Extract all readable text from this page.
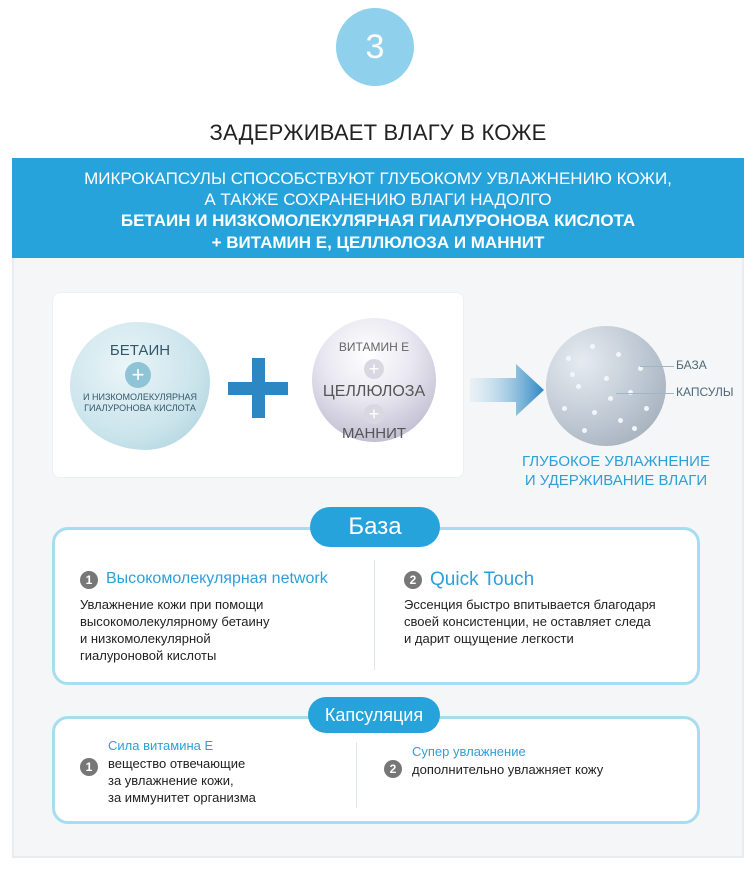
3
ЗАДЕРЖИВАЕТ ВЛАГУ В КОЖЕ
МИКРОКАПСУЛЫ СПОСОБСТВУЮТ ГЛУБОКОМУ УВЛАЖНЕНИЮ КОЖИ,
А ТАКЖЕ СОХРАНЕНИЮ ВЛАГИ НАДОЛГО
БЕТАИН И НИЗКОМОЛЕКУЛЯРНАЯ ГИАЛУРОНОВА КИСЛОТА
+ ВИТАМИН Е, ЦЕЛЛЮЛОЗА И МАННИТ
БЕТАИН
+
И НИЗКОМОЛЕКУЛЯРНАЯ
ГИАЛУРОНОВА КИСЛОТА
ВИТАМИН Е
+
ЦЕЛЛЮЛОЗА
+
МАННИТ
БАЗА
КАПСУЛЫ
ГЛУБОКОЕ УВЛАЖНЕНИЕ
И УДЕРЖИВАНИЕ ВЛАГИ
База
1 Высокомолекулярная network
Увлажнение кожи при помощи
высокомолекулярному бетаину
и низкомолекулярной
гиалуроновой кислоты
2 Quick Touch
Эссенция быстро впитывается благодаря
своей консистенции, не оставляет следа
и дарит ощущение легкости
Капсуляция
1
Сила витамина Е
вещество отвечающие
за увлажнение кожи,
за иммунитет организма
2
Супер увлажнение
дополнительно увлажняет кожу
